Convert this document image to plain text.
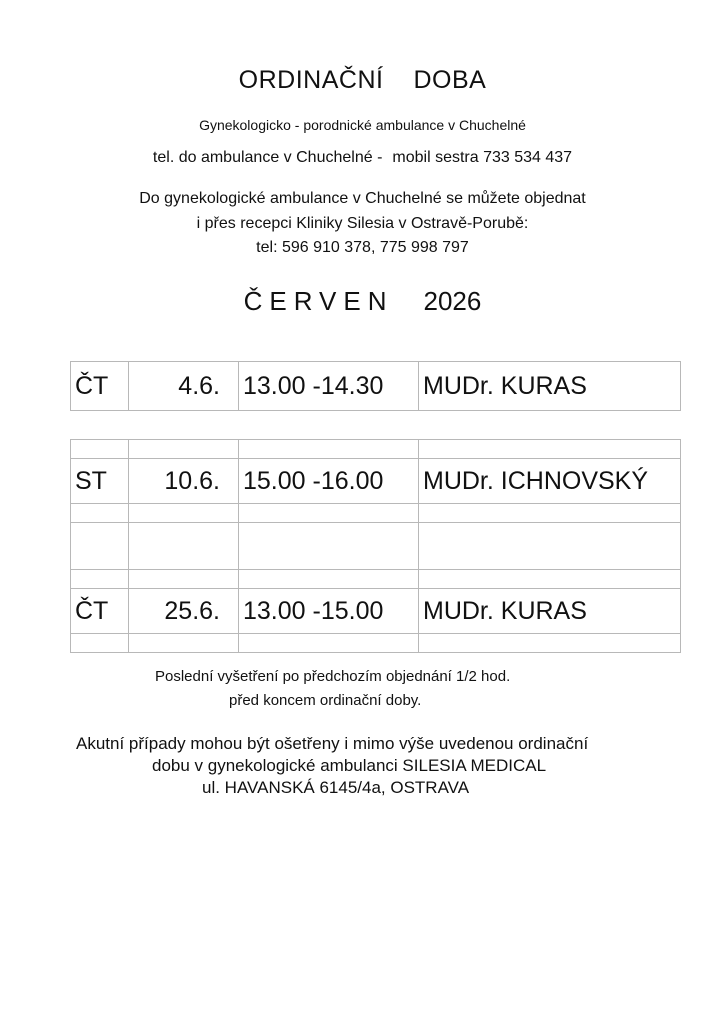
ORDINAČNÍ DOBA
Gynekologicko - porodnické ambulance v Chuchelné
tel. do ambulance v Chuchelné - mobil sestra 733 534 437
Do gynekologické ambulance v Chuchelné se můžete objednat
i přes recepci Kliniky Silesia v Ostravě-Porubě:
tel: 596 910 378, 775 998 797
ČERVEN 2026
ČT	4.6.	13.00 -14.30	MUDr. KURAS

ST	10.6.	15.00 -16.00	MUDr. ICHNOVSKÝ

ČT	25.6.	13.00 -15.00	MUDr. KURAS

Poslední vyšetření po předchozím objednání 1/2 hod.
před koncem ordinační doby.
Akutní případy mohou být ošetřeny i mimo výše uvedenou ordinační
dobu v gynekologické ambulanci SILESIA MEDICAL
ul. HAVANSKÁ 6145/4a, OSTRAVA
